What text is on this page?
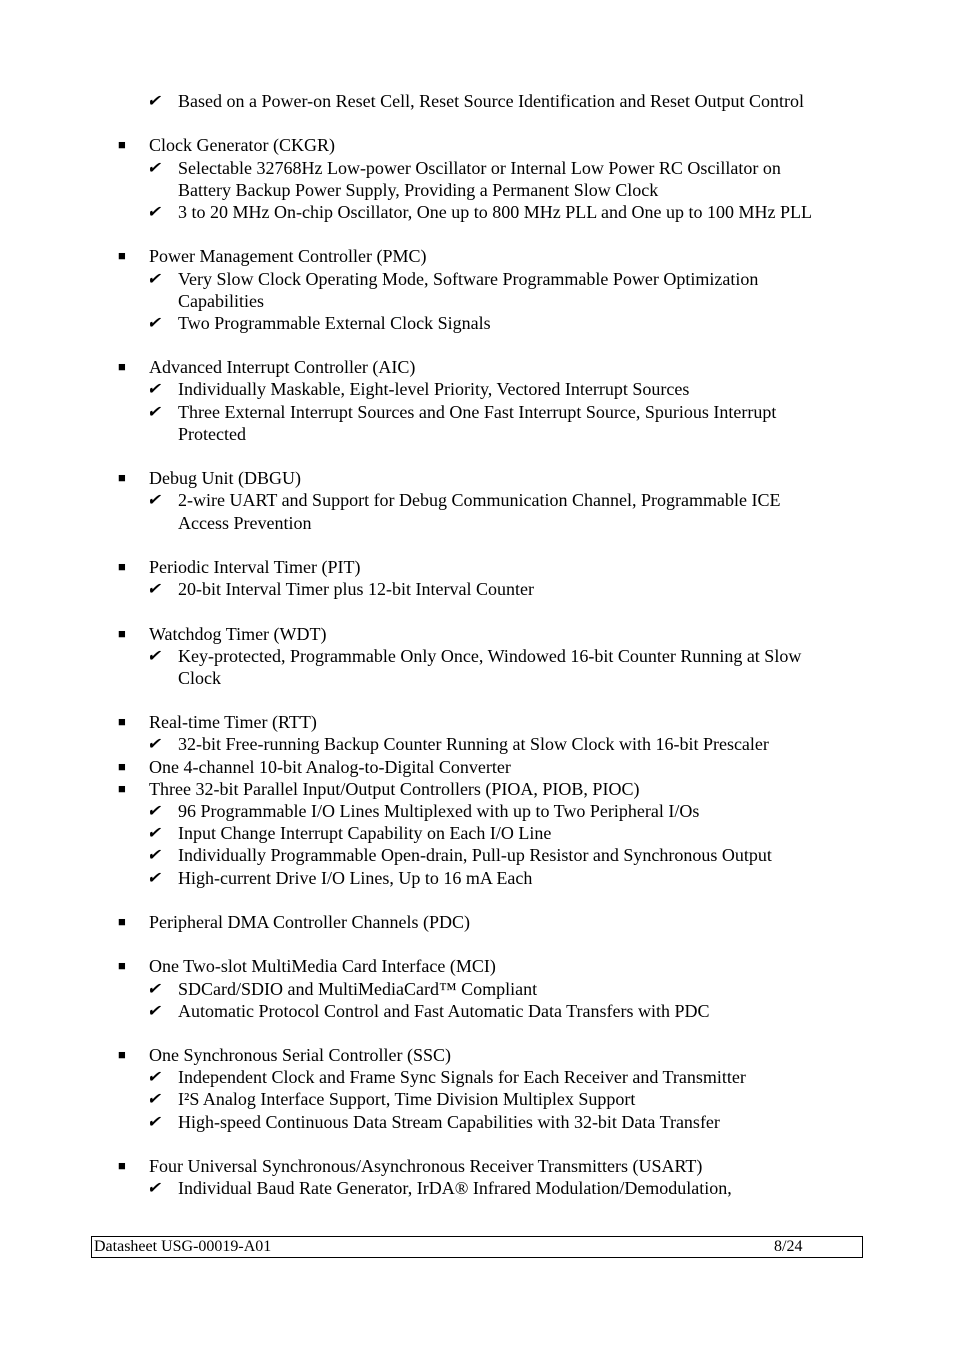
✔ Based on a Power-on Reset Cell, Reset Source Identification and Reset Output Control
■ Clock Generator (CKGR)
✔ Selectable 32768Hz Low-power Oscillator or Internal Low Power RC Oscillator on
Battery Backup Power Supply, Providing a Permanent Slow Clock
✔ 3 to 20 MHz On-chip Oscillator, One up to 800 MHz PLL and One up to 100 MHz PLL
■ Power Management Controller (PMC)
✔ Very Slow Clock Operating Mode, Software Programmable Power Optimization
Capabilities
✔ Two Programmable External Clock Signals
■ Advanced Interrupt Controller (AIC)
✔ Individually Maskable, Eight-level Priority, Vectored Interrupt Sources
✔ Three External Interrupt Sources and One Fast Interrupt Source, Spurious Interrupt
Protected
■ Debug Unit (DBGU)
✔ 2-wire UART and Support for Debug Communication Channel, Programmable ICE
Access Prevention
■ Periodic Interval Timer (PIT)
✔ 20-bit Interval Timer plus 12-bit Interval Counter
■ Watchdog Timer (WDT)
✔ Key-protected, Programmable Only Once, Windowed 16-bit Counter Running at Slow
Clock
■ Real-time Timer (RTT)
✔ 32-bit Free-running Backup Counter Running at Slow Clock with 16-bit Prescaler
■ One 4-channel 10-bit Analog-to-Digital Converter
■ Three 32-bit Parallel Input/Output Controllers (PIOA, PIOB, PIOC)
✔ 96 Programmable I/O Lines Multiplexed with up to Two Peripheral I/Os
✔ Input Change Interrupt Capability on Each I/O Line
✔ Individually Programmable Open-drain, Pull-up Resistor and Synchronous Output
✔ High-current Drive I/O Lines, Up to 16 mA Each
■ Peripheral DMA Controller Channels (PDC)
■ One Two-slot MultiMedia Card Interface (MCI)
✔ SDCard/SDIO and MultiMediaCard™ Compliant
✔ Automatic Protocol Control and Fast Automatic Data Transfers with PDC
■ One Synchronous Serial Controller (SSC)
✔ Independent Clock and Frame Sync Signals for Each Receiver and Transmitter
✔ I²S Analog Interface Support, Time Division Multiplex Support
✔ High-speed Continuous Data Stream Capabilities with 32-bit Data Transfer
■ Four Universal Synchronous/Asynchronous Receiver Transmitters (USART)
✔ Individual Baud Rate Generator, IrDA® Infrared Modulation/Demodulation,
Datasheet USG-00019-A01	8/24
